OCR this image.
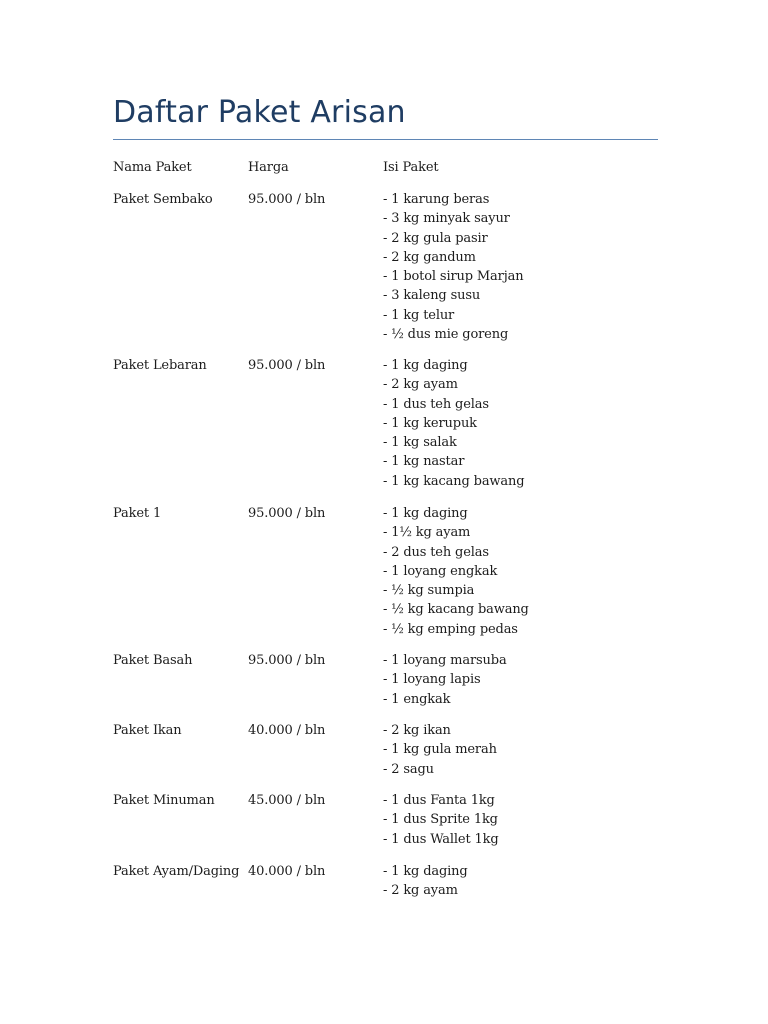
Daftar Paket Arisan
Nama Paket	Harga	Isi Paket
Paket Sembako	95.000 / bln	- 1 karung beras
- 3 kg minyak sayur
- 2 kg gula pasir
- 2 kg gandum
- 1 botol sirup Marjan
- 3 kaleng susu
- 1 kg telur
- ½ dus mie goreng
Paket Lebaran	95.000 / bln	- 1 kg daging
- 2 kg ayam
- 1 dus teh gelas
- 1 kg kerupuk
- 1 kg salak
- 1 kg nastar
- 1 kg kacang bawang
Paket 1	95.000 / bln	- 1 kg daging
- 1½ kg ayam
- 2 dus teh gelas
- 1 loyang engkak
- ½ kg sumpia
- ½ kg kacang bawang
- ½ kg emping pedas
Paket Basah	95.000 / bln	- 1 loyang marsuba
- 1 loyang lapis
- 1 engkak
Paket Ikan	40.000 / bln	- 2 kg ikan
- 1 kg gula merah
- 2 sagu
Paket Minuman	45.000 / bln	- 1 dus Fanta 1kg
- 1 dus Sprite 1kg
- 1 dus Wallet 1kg
Paket Ayam/Daging 40.000 / bln	- 1 kg daging
- 2 kg ayam
